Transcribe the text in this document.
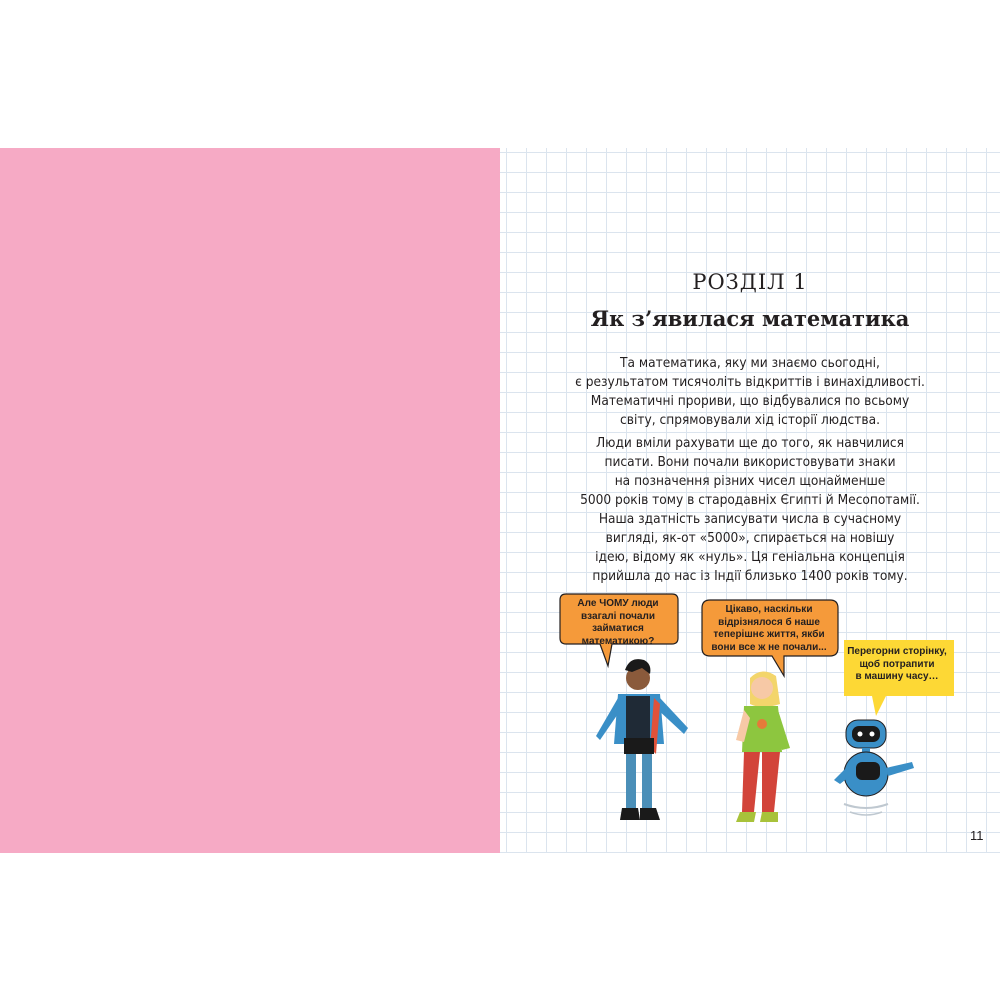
РОЗДІЛ 1
Як з’явилася математика
Та математика, яку ми знаємо сьогодні,
є результатом тисячоліть відкриттів і винахідливості.
Математичні прориви, що відбувалися по всьому
світу, спрямовували хід історії людства.
Люди вміли рахувати ще до того, як навчилися
писати. Вони почали використовувати знаки
на позначення різних чисел щонайменше
5000 років тому в стародавніх Єгипті й Месопотамії.
Наша здатність записувати числа в сучасному
вигляді, як-от «5000», спирається на новішу
ідею, відому як «нуль». Ця геніальна концепція
прийшла до нас із Індії близько 1400 років тому.
Але ЧОМУ люди
взагалі почали
займатися
математикою?
Цікаво, наскільки
відрізнялося б наше
теперішнє життя, якби
вони все ж не почали...	Перегорни сторінку,
щоб потрапити
в машину часу…
11
